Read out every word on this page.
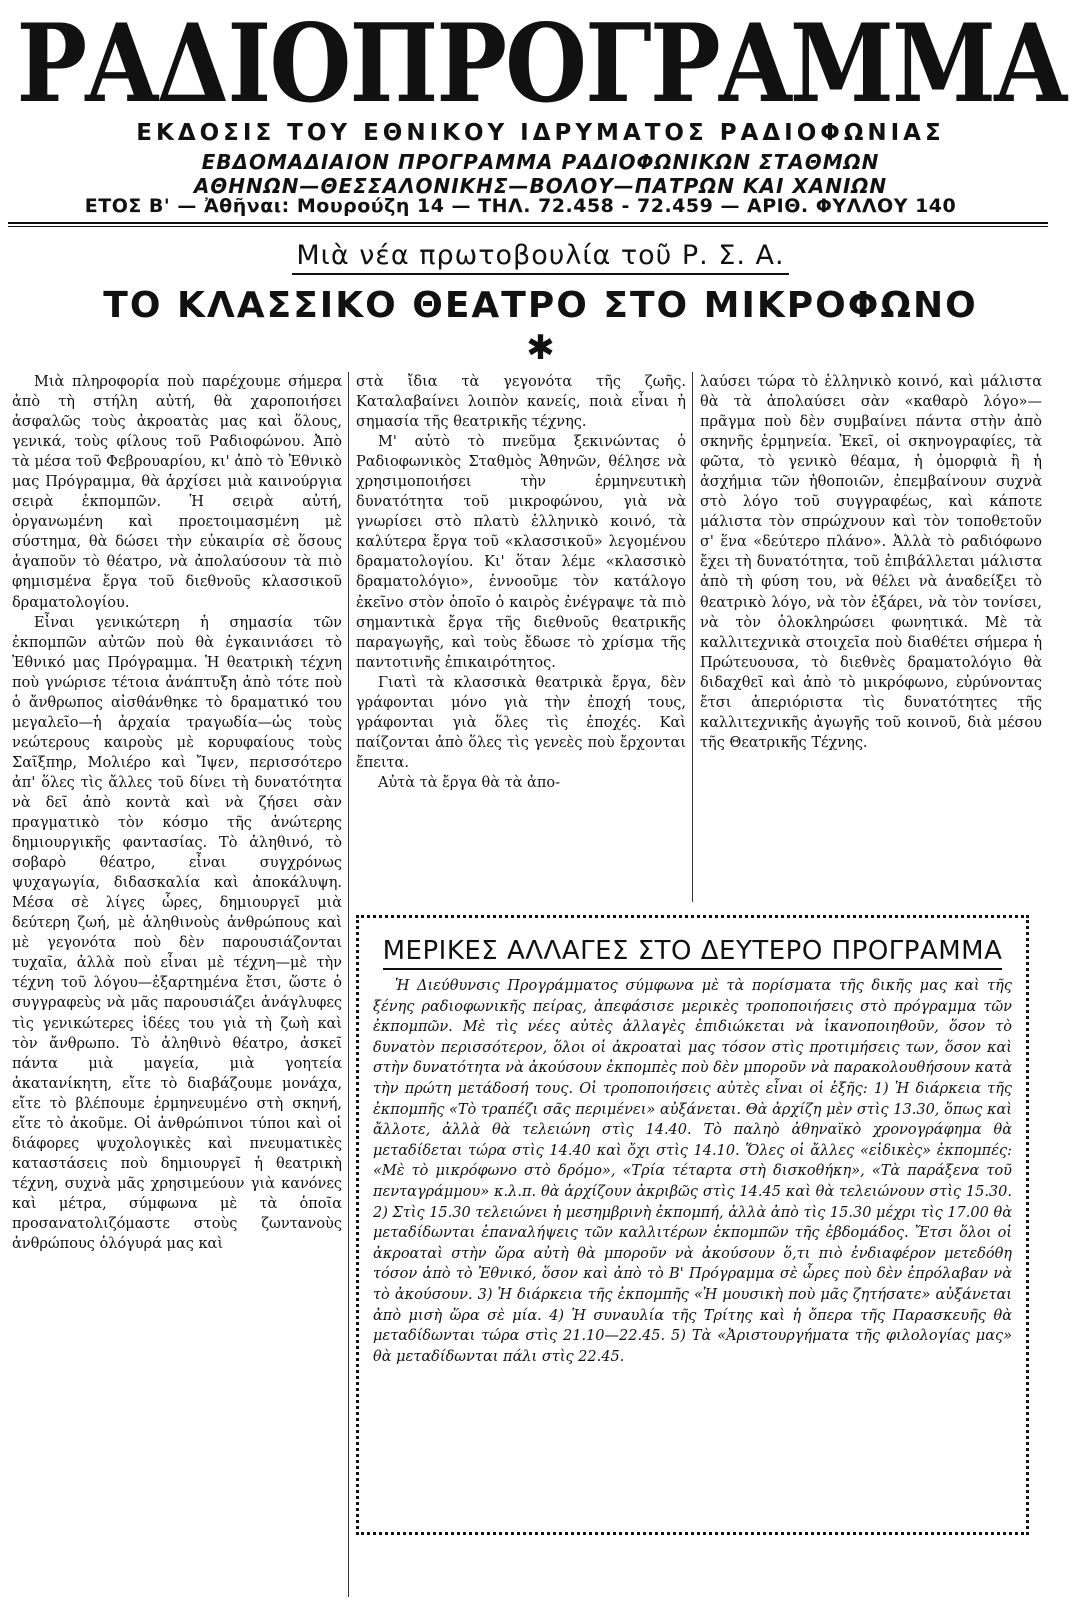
ΡΑΔΙΟΠΡΟΓΡΑΜΜΑ
ΕΚΔΟΣΙΣ ΤΟΥ ΕΘΝΙΚΟΥ ΙΔΡΥΜΑΤΟΣ ΡΑΔΙΟΦΩΝΙΑΣ
ΕΒΔΟΜΑΔΙΑΙΟΝ ΠΡΟΓΡΑΜΜΑ ΡΑΔΙΟΦΩΝΙΚΩΝ ΣΤΑΘΜΩΝ
ΑΘΗΝΩΝ—ΘΕΣΣΑΛΟΝΙΚΗΣ—ΒΟΛΟΥ—ΠΑΤΡΩΝ ΚΑΙ ΧΑΝΙΩΝ
ΕΤΟΣ Β' — Ἀθῆναι: Μουρούζη 14 — ΤΗΛ. 72.458 - 72.459 — ΑΡΙΘ. ΦΥΛΛΟΥ 140
Μιὰ νέα πρωτοβουλία τοῦ Ρ. Σ. Α.
ΤΟ ΚΛΑΣΣΙΚΟ ΘΕΑΤΡΟ ΣΤΟ ΜΙΚΡΟΦΩΝΟ
✱

Μιὰ πληροφορία ποὺ παρέχουμε σήμερα ἀπὸ τὴ στήλη αὐτή, θὰ χαροποιήσει ἀσφαλῶς τοὺς ἀκροατὰς μας καὶ ὅλους, γενικά, τοὺς φίλους τοῦ Ραδιοφώνου. Ἀπὸ τὰ μέσα τοῦ Φεβρουαρίου, κι' ἀπὸ τὸ Ἐθνικὸ μας Πρόγραμμα, θὰ ἀρχίσει μιὰ καινούργια σειρὰ ἐκπομπῶν. Ἡ σειρὰ αὐτή, ὀργανωμένη καὶ προετοιμασμένη μὲ σύστημα, θὰ δώσει τὴν εὐκαιρία σὲ ὅσους ἀγαποῦν τὸ θέατρο, νὰ ἀπολαύσουν τὰ πιὸ φημισμένα ἔργα τοῦ διεθνοῦς κλασσικοῦ δραματολογίου.

Εἶναι γενικώτερη ἡ σημασία τῶν ἐκπομπῶν αὐτῶν ποὺ θὰ ἐγκαινιάσει τὸ Ἐθνικό μας Πρόγραμμα. Ἡ θεατρικὴ τέχνη ποὺ γνώρισε τέτοια ἀνάπτυξη ἀπὸ τότε ποὺ ὁ ἄνθρωπος αἰσθάνθηκε τὸ δραματικό του μεγαλεῖο—ἡ ἀρχαία τραγωδία—ὡς τοὺς νεώτερους καιροὺς μὲ κορυφαίους τοὺς Σαῖξπηρ, Μολιέρο καὶ Ἴψεν, περισσότερο ἀπ' ὅλες τὶς ἄλλες τοῦ δίνει τὴ δυνατότητα νὰ δεῖ ἀπὸ κοντὰ καὶ νὰ ζήσει σὰν πραγματικὸ τὸν κόσμο τῆς ἀνώτερης δημιουργικῆς φαντασίας. Τὸ ἀληθινό, τὸ σοβαρὸ θέατρο, εἶναι συγχρόνως ψυχαγωγία, διδασκαλία καὶ ἀποκάλυψη. Μέσα σὲ λίγες ὧρες, δημιουργεῖ μιὰ δεύτερη ζωή, μὲ ἀληθινοὺς ἀνθρώπους καὶ μὲ γεγονότα ποὺ δὲν παρουσιάζονται τυχαῖα, ἀλλὰ ποὺ εἶναι μὲ τέχνη—μὲ τὴν τέχνη τοῦ λόγου—ἐξαρτημένα ἔτσι, ὥστε ὁ συγγραφεὺς νὰ μᾶς παρουσιάζει ἀνάγλυφες τὶς γενικώτερες ἰδέες του γιὰ τὴ ζωὴ καὶ τὸν ἄνθρωπο. Τὸ ἀληθινὸ θέατρο, ἀσκεῖ πάντα μιὰ μαγεία, μιὰ γοητεία ἀκατανίκητη, εἴτε τὸ διαβάζουμε μονάχα, εἴτε τὸ βλέπουμε ἑρμηνευμένο στὴ σκηνή, εἴτε τὸ ἀκοῦμε. Οἱ ἀνθρώπινοι τύποι καὶ οἱ διάφορες ψυχολογικὲς καὶ πνευματικὲς καταστάσεις ποὺ δημιουργεῖ ἡ θεατρικὴ τέχνη, συχνὰ μᾶς χρησιμεύουν γιὰ κανόνες καὶ μέτρα, σύμφωνα μὲ τὰ ὁποῖα προσανατολιζόμαστε στοὺς ζωντανοὺς ἀνθρώπους ὁλόγυρά μας καὶ

στὰ ἴδια τὰ γεγονότα τῆς ζωῆς. Καταλαβαίνει λοιπὸν κανείς, ποιὰ εἶναι ἡ σημασία τῆς θεατρικῆς τέχνης.

Μ' αὐτὸ τὸ πνεῦμα ξεκινώντας ὁ Ραδιοφωνικὸς Σταθμὸς Ἀθηνῶν, θέλησε νὰ χρησιμοποιήσει τὴν ἑρμηνευτικὴ δυνατότητα τοῦ μικροφώνου, γιὰ νὰ γνωρίσει στὸ πλατὺ ἑλληνικὸ κοινό, τὰ καλύτερα ἔργα τοῦ «κλασσικοῦ» λεγομένου δραματολογίου. Κι' ὅταν λέμε «κλασσικὸ δραματολόγιο», ἐννοοῦμε τὸν κατάλογο ἐκεῖνο στὸν ὁποῖο ὁ καιρὸς ἐνέγραψε τὰ πιὸ σημαντικὰ ἔργα τῆς διεθνοῦς θεατρικῆς παραγωγῆς, καὶ τοὺς ἔδωσε τὸ χρίσμα τῆς παντοτινῆς ἐπικαιρότητος.

Γιατὶ τὰ κλασσικὰ θεατρικὰ ἔργα, δὲν γράφονται μόνο γιὰ τὴν ἐποχή τους, γράφονται γιὰ ὅλες τὶς ἐποχές. Καὶ παίζονται ἀπὸ ὅλες τὶς γενεὲς ποὺ ἔρχονται ἔπειτα.

Αὐτὰ τὰ ἔργα θὰ τὰ ἀπο-

λαύσει τώρα τὸ ἑλληνικὸ κοινό, καὶ μάλιστα θὰ τὰ ἀπολαύσει σὰν «καθαρὸ λόγο»— πρᾶγμα ποὺ δὲν συμβαίνει πάντα στὴν ἀπὸ σκηνῆς ἑρμηνεία. Ἐκεῖ, οἱ σκηνογραφίες, τὰ φῶτα, τὸ γενικὸ θέαμα, ἡ ὀμορφιὰ ἢ ἡ ἀσχήμια τῶν ἠθοποιῶν, ἐπεμβαίνουν συχνὰ στὸ λόγο τοῦ συγγραφέως, καὶ κάποτε μάλιστα τὸν σπρώχνουν καὶ τὸν τοποθετοῦν σ' ἕνα «δεύτερο πλάνο». Ἀλλὰ τὸ ραδιόφωνο ἔχει τὴ δυνατότητα, τοῦ ἐπιβάλλεται μάλιστα ἀπὸ τὴ φύση του, νὰ θέλει νὰ ἀναδείξει τὸ θεατρικὸ λόγο, νὰ τὸν ἐξάρει, νὰ τὸν τονίσει, νὰ τὸν ὁλοκληρώσει φωνητικά. Μὲ τὰ καλλιτεχνικὰ στοιχεῖα ποὺ διαθέτει σήμερα ἡ Πρώτευουσα, τὸ διεθνὲς δραματολόγιο θὰ διδαχθεῖ καὶ ἀπὸ τὸ μικρόφωνο, εὐρύνοντας ἔτσι ἀπεριόριστα τὶς δυνατότητες τῆς καλλιτεχνικῆς ἀγωγῆς τοῦ κοινοῦ, διὰ μέσου τῆς Θεατρικῆς Τέχνης.

ΜΕΡΙΚΕΣ ΑΛΛΑΓΕΣ ΣΤΟ ΔΕΥΤΕΡΟ ΠΡΟΓΡΑΜΜΑ

Ἡ Διεύθυνσις Προγράμματος σύμφωνα μὲ τὰ πορίσματα τῆς δικῆς μας καὶ τῆς ξένης ραδιοφωνικῆς πείρας, ἀπεφάσισε μερικὲς τροποποιήσεις στὸ πρόγραμμα τῶν ἐκπομπῶν. Μὲ τὶς νέες αὐτὲς ἀλλαγὲς ἐπιδιώκεται νὰ ἱκανοποιηθοῦν, ὅσον τὸ δυνατὸν περισσότερον, ὅλοι οἱ ἀκροαταὶ μας τόσον στὶς προτιμήσεις των, ὅσον καὶ στὴν δυνατότητα νὰ ἀκούσουν ἐκπομπὲς ποὺ δὲν μποροῦν νὰ παρακολουθήσουν κατὰ τὴν πρώτη μετάδοσή τους. Οἱ τροποποιήσεις αὐτὲς εἶναι οἱ ἑξῆς: 1) Ἡ διάρκεια τῆς ἐκπομπῆς «Τὸ τραπέζι σᾶς περιμένει» αὐξάνεται. Θὰ ἀρχίζη μὲν στὶς 13.30, ὅπως καὶ ἄλλοτε, ἀλλὰ θὰ τελειώνη στὶς 14.40. Τὸ παληὸ ἀθηναϊκὸ χρονογράφημα θὰ μεταδίδεται τώρα στὶς 14.40 καὶ ὄχι στὶς 14.10. Ὅλες οἱ ἄλλες «εἰδικὲς» ἐκπομπές: «Μὲ τὸ μικρόφωνο στὸ δρόμο», «Τρία τέταρτα στὴ δισκοθήκη», «Τὰ παράξενα τοῦ πενταγράμμου» κ.λ.π. θὰ ἀρχίζουν ἀκριβῶς στὶς 14.45 καὶ θὰ τελειώνουν στὶς 15.30. 2) Στὶς 15.30 τελειώνει ἡ μεσημβρινὴ ἐκπομπή, ἀλλὰ ἀπὸ τὶς 15.30 μέχρι τὶς 17.00 θὰ μεταδίδωνται ἐπαναλήψεις τῶν καλλιτέρων ἐκπομπῶν τῆς ἑβδομάδος. Ἔτσι ὅλοι οἱ ἀκροαταὶ στὴν ὥρα αὐτὴ θὰ μποροῦν νὰ ἀκούσουν ὅ,τι πιὸ ἐνδιαφέρον μετεδόθη τόσον ἀπὸ τὸ Ἐθνικό, ὅσον καὶ ἀπὸ τὸ Β' Πρόγραμμα σὲ ὧρες ποὺ δὲν ἐπρόλαβαν νὰ τὸ ἀκούσουν. 3) Ἡ διάρκεια τῆς ἐκπομπῆς «Ἡ μουσικὴ ποὺ μᾶς ζητήσατε» αὐξάνεται ἀπὸ μισὴ ὥρα σὲ μία. 4) Ἡ συναυλία τῆς Τρίτης καὶ ἡ ὄπερα τῆς Παρασκευῆς θὰ μεταδίδωνται τώρα στὶς 21.10—22.45. 5) Τὰ «Ἀριστουργήματα τῆς φιλολογίας μας» θὰ μεταδίδωνται πάλι στὶς 22.45.
